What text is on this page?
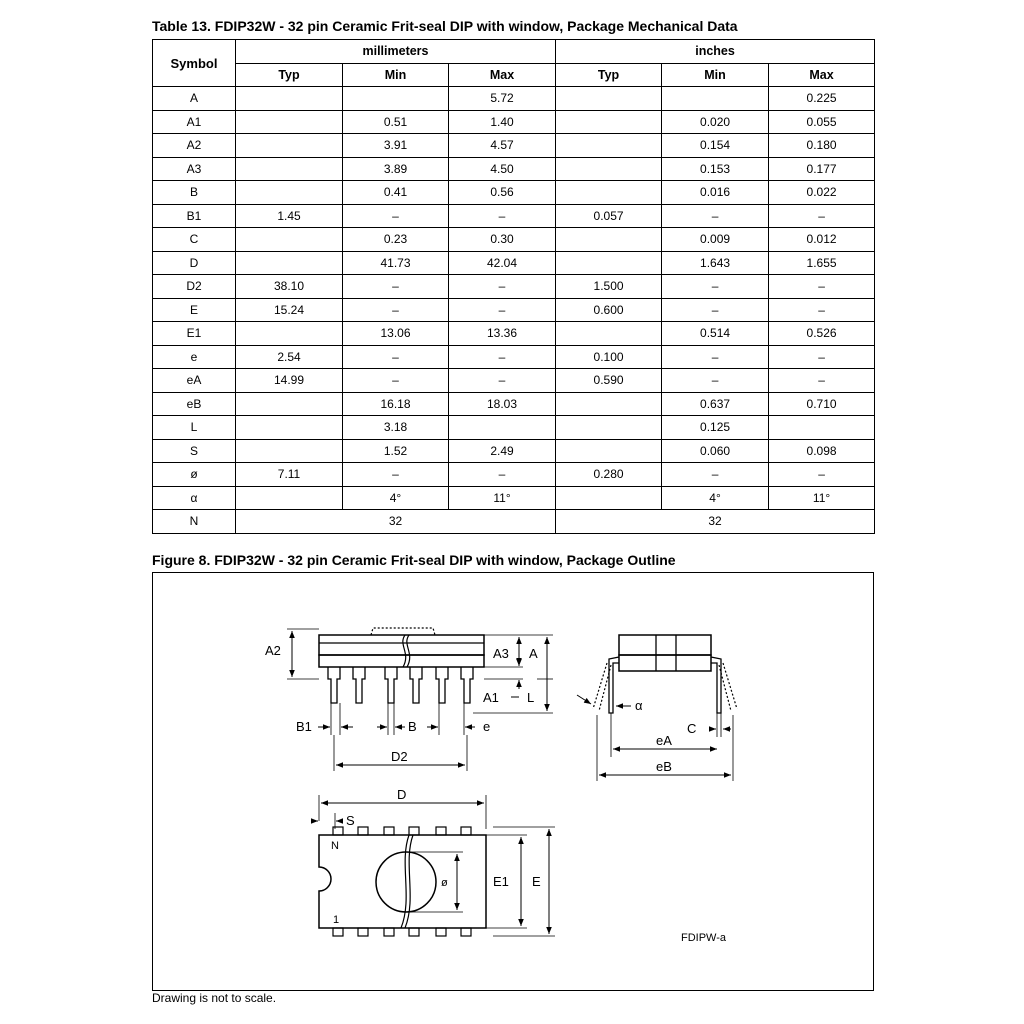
Table 13. FDIP32W - 32 pin Ceramic Frit-seal DIP with window, Package Mechanical Data
Symbol	millimeters			inches		
	Typ	Min	Max	Typ	Min	Max
A			5.72			0.225
A1		0.51	1.40		0.020	0.055
A2		3.91	4.57		0.154	0.180
A3		3.89	4.50		0.153	0.177
B		0.41	0.56		0.016	0.022
B1	1.45	–	–	0.057	–	–
C		0.23	0.30		0.009	0.012
D		41.73	42.04		1.643	1.655
D2	38.10	–	–	1.500	–	–
E	15.24	–	–	0.600	–	–
E1		13.06	13.36		0.514	0.526
e	2.54	–	–	0.100	–	–
eA	14.99	–	–	0.590	–	–
eB		16.18	18.03		0.637	0.710
L		3.18			0.125	
S		1.52	2.49		0.060	0.098
ø	7.11	–	–	0.280	–	–
α		4°	11°		4°	11°
N	32			32		
Figure 8. FDIP32W - 32 pin Ceramic Frit-seal DIP with window, Package Outline
A2	A3 A
A1 L
B1	B	e
D2
α
C
eA
eB
D
S
N
1
ø	E1 E
FDIPW-a
Drawing is not to scale.
